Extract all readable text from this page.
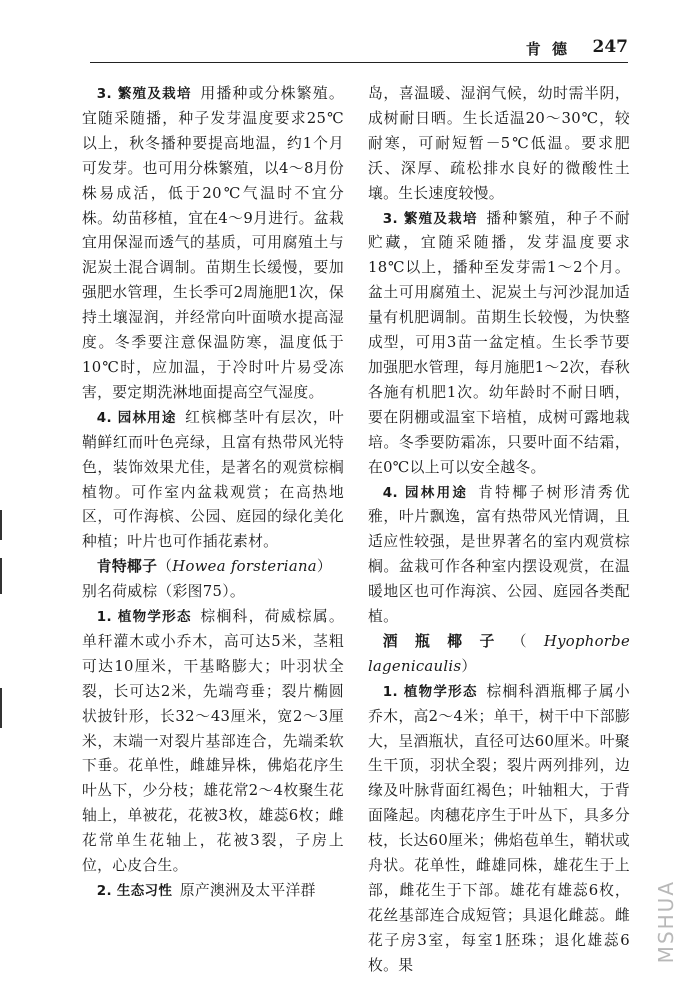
肯 德 247

3. 繁殖及栽培  用播种或分株繁殖。宜随采随播，种子发芽温度要求25℃以上，秋冬播种要提高地温，约1个月可发芽。也可用分株繁殖，以4～8月份株易成活，低于20℃气温时不宜分株。幼苗移植，宜在4～9月进行。盆栽宜用保湿而透气的基质，可用腐殖土与泥炭土混合调制。苗期生长缓慢，要加强肥水管理，生长季可2周施肥1次，保持土壤湿润，并经常向叶面喷水提高湿度。冬季要注意保温防寒，温度低于10℃时，应加温，于冷时叶片易受冻害，要定期洗淋地面提高空气湿度。

4. 园林用途  红槟榔茎叶有层次，叶鞘鲜红而叶色亮绿，且富有热带风光特色，装饰效果尤佳，是著名的观赏棕榈植物。可作室内盆栽观赏；在高热地区，可作海槟、公园、庭园的绿化美化种植；叶片也可作插花素材。

肯特椰子（Howea forsteriana）

别名荷威棕（彩图75）。

1. 植物学形态  棕榈科，荷威棕属。单秆灌木或小乔木，高可达5米，茎粗可达10厘米，干基略膨大；叶羽状全裂，长可达2米，先端弯垂；裂片椭圆状披针形，长32～43厘米，宽2～3厘米，末端一对裂片基部连合，先端柔软下垂。花单性，雌雄异株，佛焰花序生叶丛下，少分枝；雄花常2～4枚聚生花轴上，单被花，花被3枚，雄蕊6枚；雌花常单生花轴上，花被3裂，子房上位，心皮合生。

2. 生态习性  原产澳洲及太平洋群

岛，喜温暖、湿润气候，幼时需半阴，成树耐日晒。生长适温20～30℃，较耐寒，可耐短暂－5℃低温。要求肥沃、深厚、疏松排水良好的微酸性土壤。生长速度较慢。

3. 繁殖及栽培  播种繁殖，种子不耐贮藏，宜随采随播，发芽温度要求18℃以上，播种至发芽需1～2个月。盆土可用腐殖土、泥炭土与河沙混加适量有机肥调制。苗期生长较慢，为快整成型，可用3苗一盆定植。生长季节要加强肥水管理，每月施肥1～2次，春秋各施有机肥1次。幼年龄时不耐日晒，要在阴棚或温室下培植，成树可露地栽培。冬季要防霜冻，只要叶面不结霜，在0℃以上可以安全越冬。

4. 园林用途  肯特椰子树形清秀优雅，叶片飘逸，富有热带风光情调，且适应性较强，是世界著名的室内观赏棕榈。盆栽可作各种室内摆设观赏，在温暖地区也可作海滨、公园、庭园各类配植。

酒瓶椰子（Hyophorbe lagenicaulis）

1. 植物学形态  棕榈科酒瓶椰子属小乔木，高2～4米；单干，树干中下部膨大，呈酒瓶状，直径可达60厘米。叶聚生干顶，羽状全裂；裂片两列排列，边缘及叶脉背面红褐色；叶轴粗大，于背面隆起。肉穗花序生于叶丛下，具多分枝，长达60厘米；佛焰苞单生，鞘状或舟状。花单性，雌雄同株，雄花生于上部，雌花生于下部。雄花有雄蕊6枚，花丝基部连合成短管；具退化雌蕊。雌花子房3室，每室1胚珠；退化雄蕊6枚。果

MSHUA
